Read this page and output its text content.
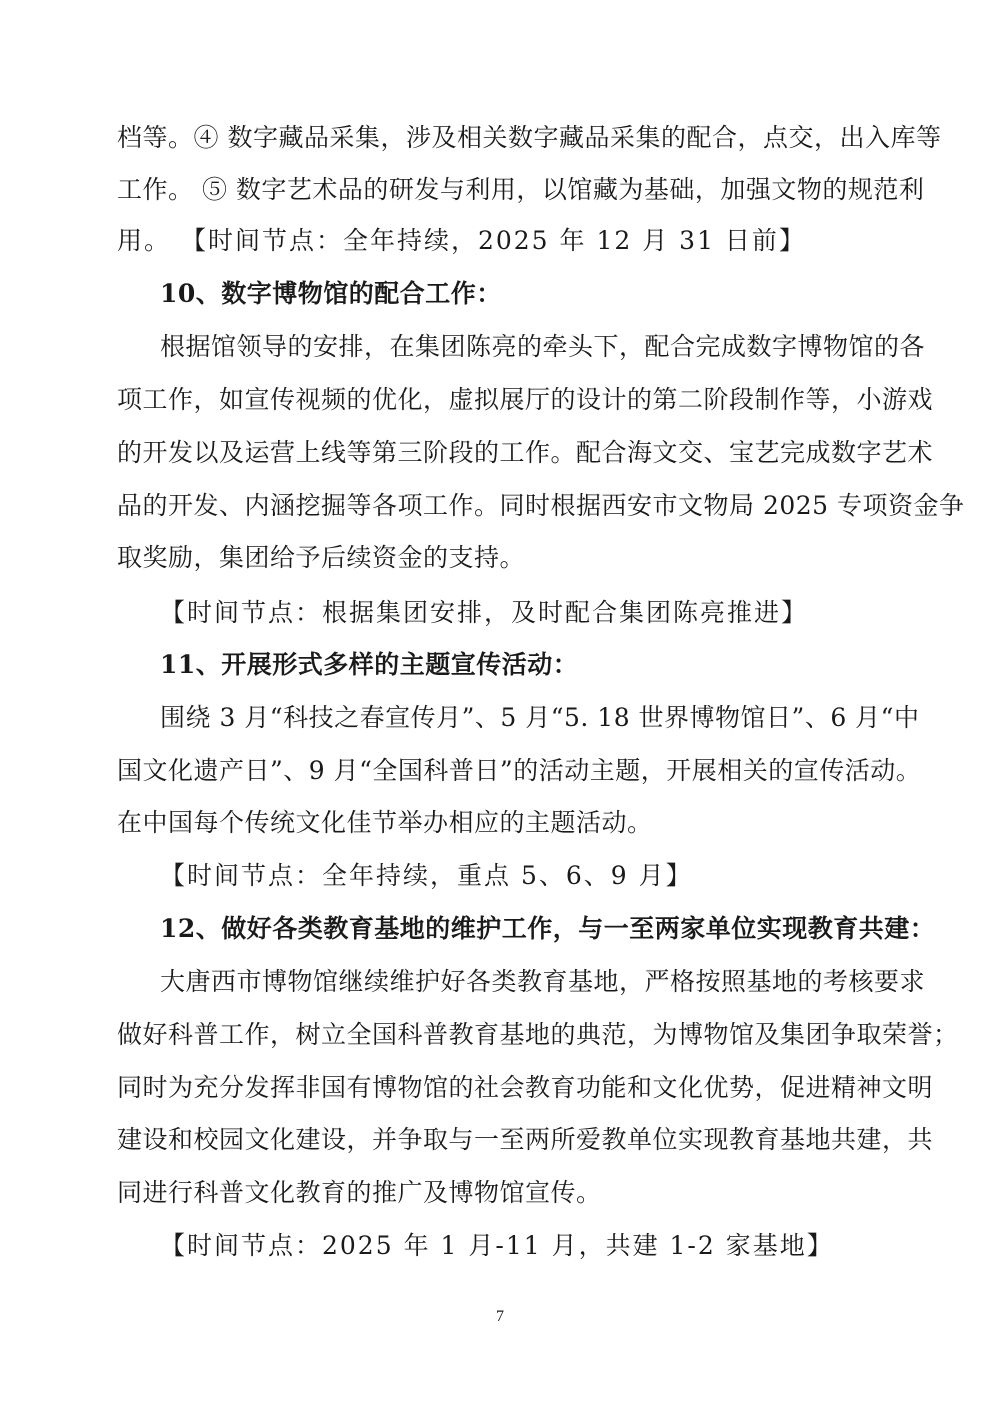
档等。④ 数字藏品采集，涉及相关数字藏品采集的配合，点交，出入库等
工作。 ⑤ 数字艺术品的研发与利用，以馆藏为基础，加强文物的规范利
用。 【时间节点：全年持续，2025 年 12 月 31 日前】
10、数字博物馆的配合工作：
根据馆领导的安排，在集团陈亮的牵头下，配合完成数字博物馆的各
项工作，如宣传视频的优化，虚拟展厅的设计的第二阶段制作等，小游戏
的开发以及运营上线等第三阶段的工作。配合海文交、宝艺完成数字艺术
品的开发、内涵挖掘等各项工作。同时根据西安市文物局 2025 专项资金争
取奖励，集团给予后续资金的支持。
【时间节点：根据集团安排，及时配合集团陈亮推进】
11、开展形式多样的主题宣传活动：
围绕 3 月“科技之春宣传月”、5 月“5. 18 世界博物馆日”、6 月“中
国文化遗产日”、9 月“全国科普日”的活动主题，开展相关的宣传活动。
在中国每个传统文化佳节举办相应的主题活动。
【时间节点：全年持续，重点 5、6、9 月】
12、做好各类教育基地的维护工作，与一至两家单位实现教育共建：
大唐西市博物馆继续维护好各类教育基地，严格按照基地的考核要求
做好科普工作，树立全国科普教育基地的典范，为博物馆及集团争取荣誉；
同时为充分发挥非国有博物馆的社会教育功能和文化优势，促进精神文明
建设和校园文化建设，并争取与一至两所爱教单位实现教育基地共建，共
同进行科普文化教育的推广及博物馆宣传。
【时间节点：2025 年 1 月-11 月，共建 1-2 家基地】
7
